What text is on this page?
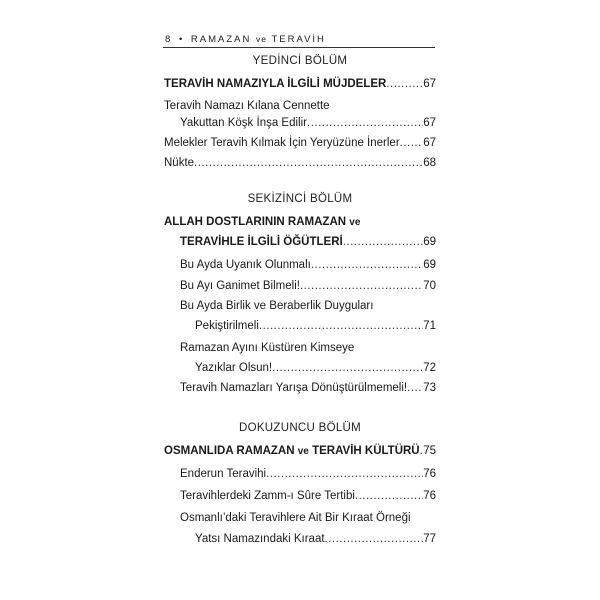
8 • RAMAZAN ve TERAVİH
YEDİNCİ BÖLÜM
TERAVİH NAMAZIYLA İLGİLİ MÜJDELER .....	67
Teravih Namazı Kılana Cennette
Yakuttan Köşk İnşa Edilir .....	67
Melekler Teravih Kılmak İçin Yeryüzüne İnerler ..... 67
Nükte .....	68
SEKİZİNCİ BÖLÜM
ALLAH DOSTLARININ RAMAZAN ve
TERAVİHLE İLGİLİ ÖĞÜTLERİ .....	69
Bu Ayda Uyanık Olunmalı .....	69
Bu Ayı Ganimet Bilmeli! .....	70
Bu Ayda Birlik ve Beraberlik Duyguları
Pekiştirilmeli .....	71
Ramazan Ayını Küstüren Kimseye
Yazıklar Olsun! .....	72
Teravih Namazları Yarışa Dönüştürülmemeli! ..... 73
DOKUZUNCU BÖLÜM
OSMANLIDA RAMAZAN ve TERAVİH KÜLTÜRÜ ..... 75
Enderun Teravihi .....	76
Teravihlerdeki Zamm-ı Sûre Tertibi .....	76
Osmanlı’daki Teravihlere Ait Bir Kıraat Örneği
Yatsı Namazındaki Kıraat .....	77
